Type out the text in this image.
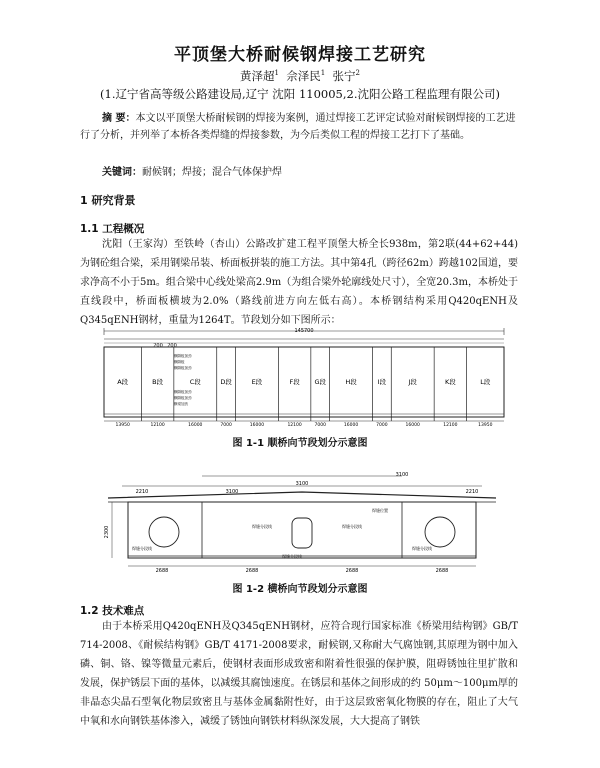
平顶堡大桥耐候钢焊接工艺研究
黄泽超$^1$ 佘泽民$^1$ 张宁$^2$
(1.辽宁省高等级公路建设局,辽宁 沈阳 110005,2.沈阳公路工程监理有限公司)
摘 要：本文以平顶堡大桥耐候钢的焊接为案例，通过焊接工艺评定试验对耐候钢焊接的工艺进行了分析，并列举了本桥各类焊缝的焊接参数，为今后类似工程的焊接工艺打下了基础。
关键词：耐候钢；焊接；混合气体保护焊
1 研究背景
1.1 工程概况
沈阳（王家沟）至铁岭（杏山）公路改扩建工程平顶堡大桥全长938m，第2联(44+62+44)为钢砼组合梁，采用钢梁吊装、桥面板拼装的施工方法。其中第4孔（跨径62m）跨越102国道，要求净高不小于5m。组合梁中心线处梁高2.9m（为组合梁外轮廓线处尺寸），全宽20.3m，本桥处于直线段中，桥面板横坡为2.0%（路线前进方向左低右高）。本桥钢结构采用Q420qENH及Q345qENH钢材，重量为1264T。节段划分如下图所示：
145700
200 200
A段
13950
B段
12100
C段
16000
D段
7000
E段
16000
F段
12100
G段
7000
H段
16000
I段
7000
J段
16000
K段
12100
L段
13950
横隔板加劲
横隔板
横隔板加劲
横隔板加劲
横隔板加劲
横梁加劲
图 1-1 顺桥向节段划分示意图
3100
3100
2210	3100	2210
2300
焊缝位置
焊缝分段线	焊缝分段线
焊缝分段线	焊缝分段线
焊缝分段线
2688	2688	2688	2688
图 1-2 横桥向节段划分示意图
1.2 技术难点
由于本桥采用Q420qENH及Q345qENH钢材，应符合现行国家标准《桥梁用结构钢》GB/T 714-2008、《耐候结构钢》GB/T 4171-2008要求，耐候钢,又称耐大气腐蚀钢,其原理为钢中加入磷、铜、铬、镍等微量元素后，使钢材表面形成致密和附着性很强的保护膜，阻碍锈蚀往里扩散和发展，保护锈层下面的基体，以减缓其腐蚀速度。在锈层和基体之间形成的约 50μm～100μm厚的非晶态尖晶石型氧化物层致密且与基体金属黏附性好，由于这层致密氧化物膜的存在，阻止了大气中氧和水向钢铁基体渗入，减缓了锈蚀向钢铁材料纵深发展，大大提高了钢铁
